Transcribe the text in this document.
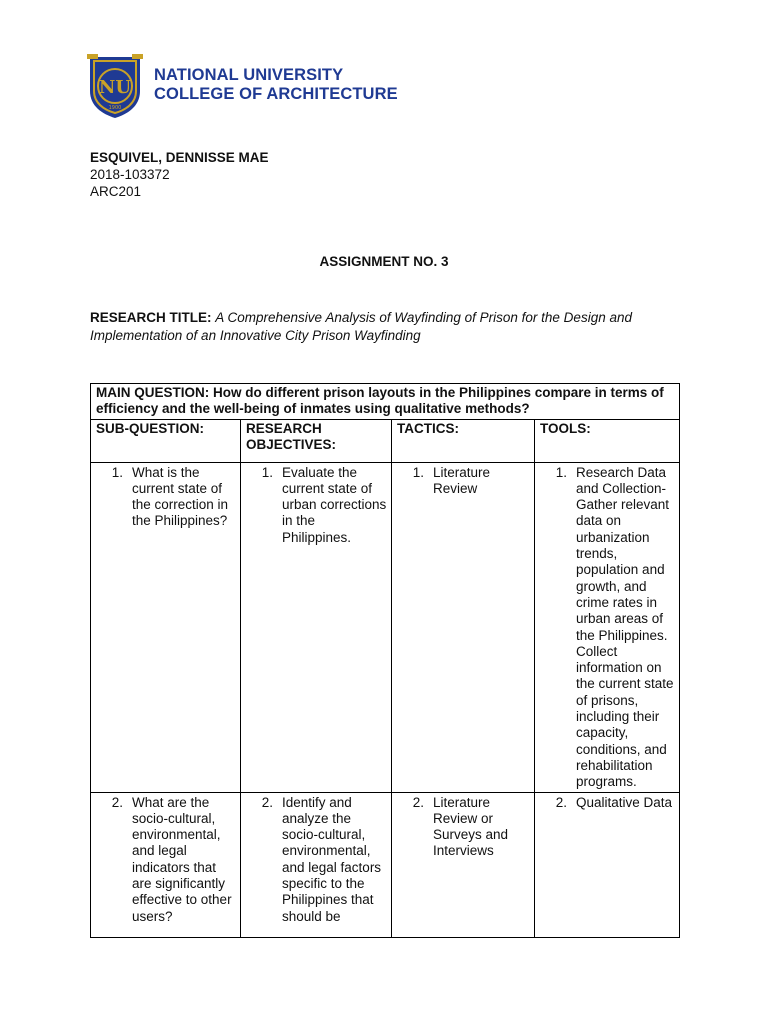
NU
1900
NATIONAL UNIVERSITY
COLLEGE OF ARCHITECTURE
ESQUIVEL, DENNISSE MAE
2018-103372
ARC201
ASSIGNMENT NO. 3
RESEARCH TITLE: A Comprehensive Analysis of Wayfinding of Prison for the Design and Implementation of an Innovative City Prison Wayfinding
MAIN QUESTION: How do different prison layouts in the Philippines compare in terms of efficiency and the well-being of inmates using qualitative methods?			
SUB-QUESTION:	RESEARCH OBJECTIVES:	TACTICS:	TOOLS:

1. What is the current state of the correction in the Philippines?	1. Evaluate the current state of urban corrections in the Philippines.	1. Literature Review	1. Research Data and Collection- Gather relevant data on urbanization trends, population and growth, and crime rates in urban areas of the Philippines. Collect information on the current state of prisons, including their capacity, conditions, and rehabilitation programs.

2. What are the socio-cultural, environmental, and legal indicators that are significantly effective to other users?	2. Identify and analyze the socio-cultural, environmental, and legal factors specific to the Philippines that should be	2. Literature Review or Surveys and Interviews	2. Qualitative Data
